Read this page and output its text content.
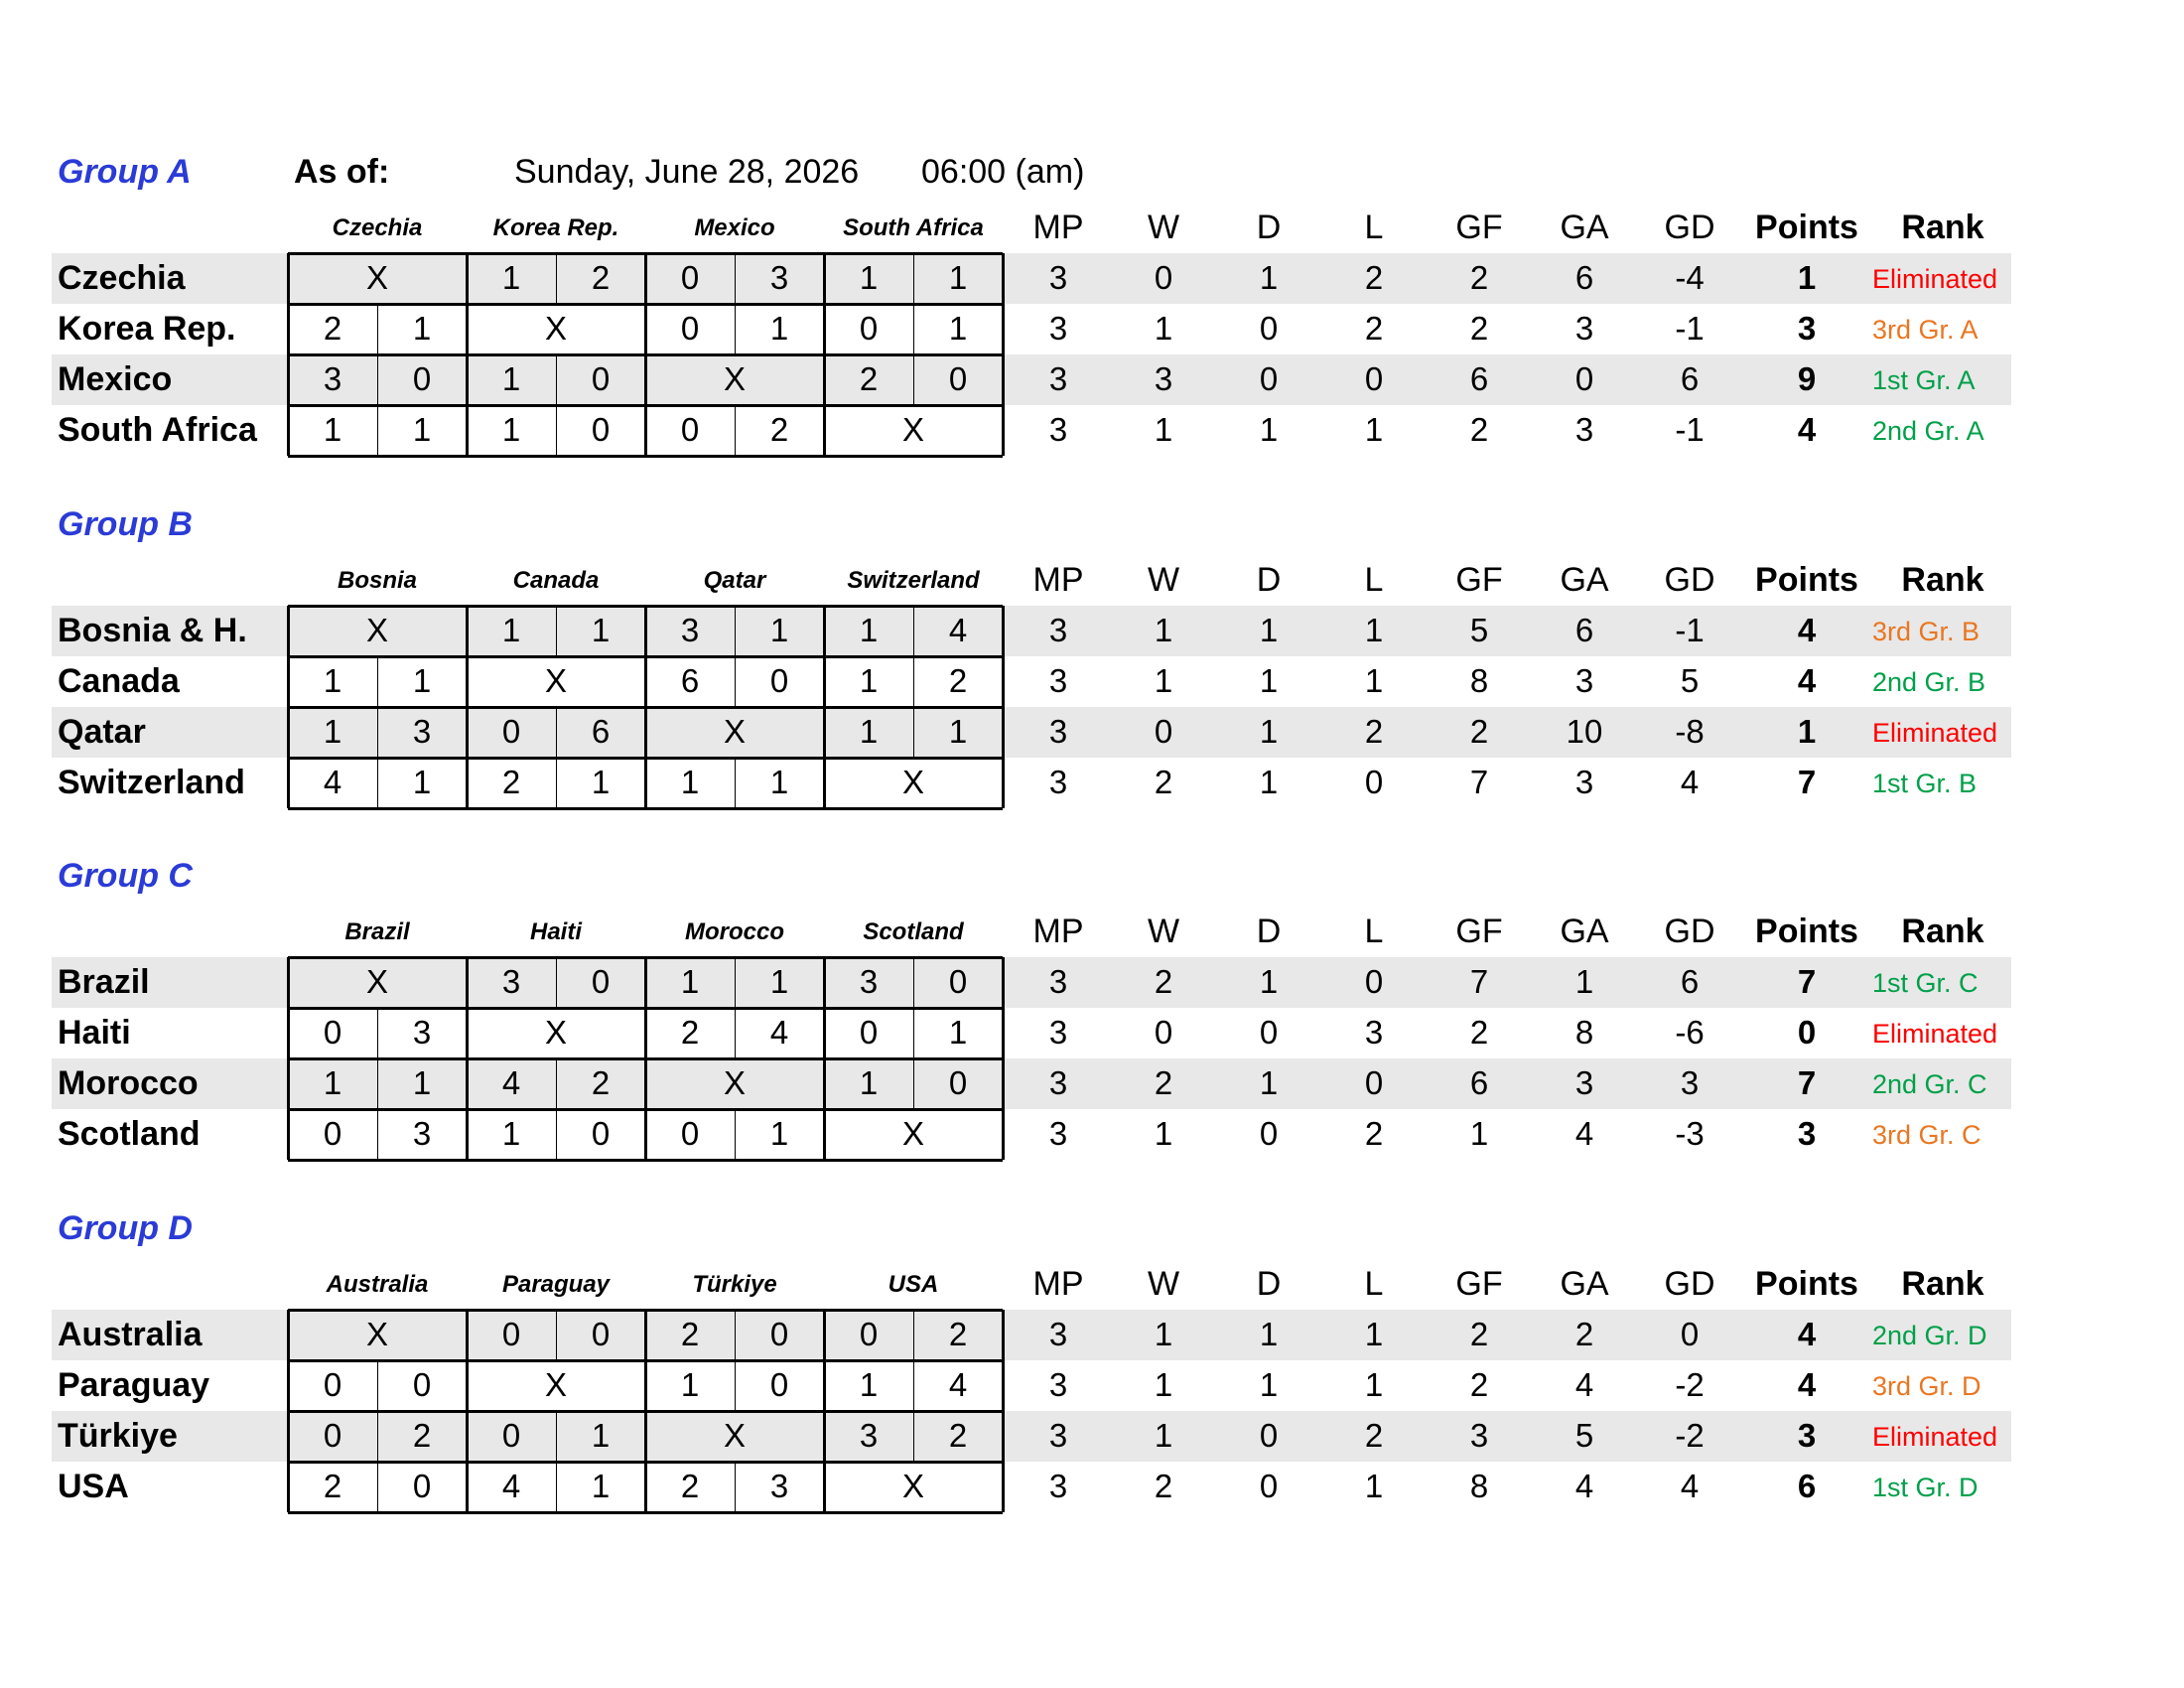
Group A	As of:	Sunday, June 28, 2026 06:00 (am)
Czechia	Korea Rep.	Mexico	South Africa	MP	W	D	L	GF	GA	GD	Points	Rank
Czechia	X	1	2	0	3	1	1	3	0	1	2	2	6	-4	1	Eliminated
Korea Rep.	2	1	X	0	1	0	1	3	1	0	2	2	3	-1	3	3rd Gr. A
Mexico	3	0	1	0	X	2	0	3	3	0	0	6	0	6	9	1st Gr. A
South Africa	1	1	1	0	0	2	X	3	1	1	1	2	3	-1	4	2nd Gr. A
Group B
Bosnia	Canada	Qatar	Switzerland	MP	W	D	L	GF	GA	GD	Points	Rank
Bosnia & H.	X	1	1	3	1	1	4	3	1	1	1	5	6	-1	4	3rd Gr. B
Canada	1	1	X	6	0	1	2	3	1	1	1	8	3	5	4	2nd Gr. B
Qatar	1	3	0	6	X	1	1	3	0	1	2	2	10	-8	1	Eliminated
Switzerland	4	1	2	1	1	1	X	3	2	1	0	7	3	4	7	1st Gr. B
Group C
Brazil	Haiti	Morocco	Scotland	MP	W	D	L	GF	GA	GD	Points	Rank
Brazil	X	3	0	1	1	3	0	3	2	1	0	7	1	6	7	1st Gr. C
Haiti	0	3	X	2	4	0	1	3	0	0	3	2	8	-6	0	Eliminated
Morocco	1	1	4	2	X	1	0	3	2	1	0	6	3	3	7	2nd Gr. C
Scotland	0	3	1	0	0	1	X	3	1	0	2	1	4	-3	3	3rd Gr. C
Group D
Australia	Paraguay	Türkiye	USA	MP	W	D	L	GF	GA	GD	Points	Rank
Australia	X	0	0	2	0	0	2	3	1	1	1	2	2	0	4	2nd Gr. D
Paraguay	0	0	X	1	0	1	4	3	1	1	1	2	4	-2	4	3rd Gr. D
Türkiye	0	2	0	1	X	3	2	3	1	0	2	3	5	-2	3	Eliminated
USA	2	0	4	1	2	3	X	3	2	0	1	8	4	4	6	1st Gr. D
